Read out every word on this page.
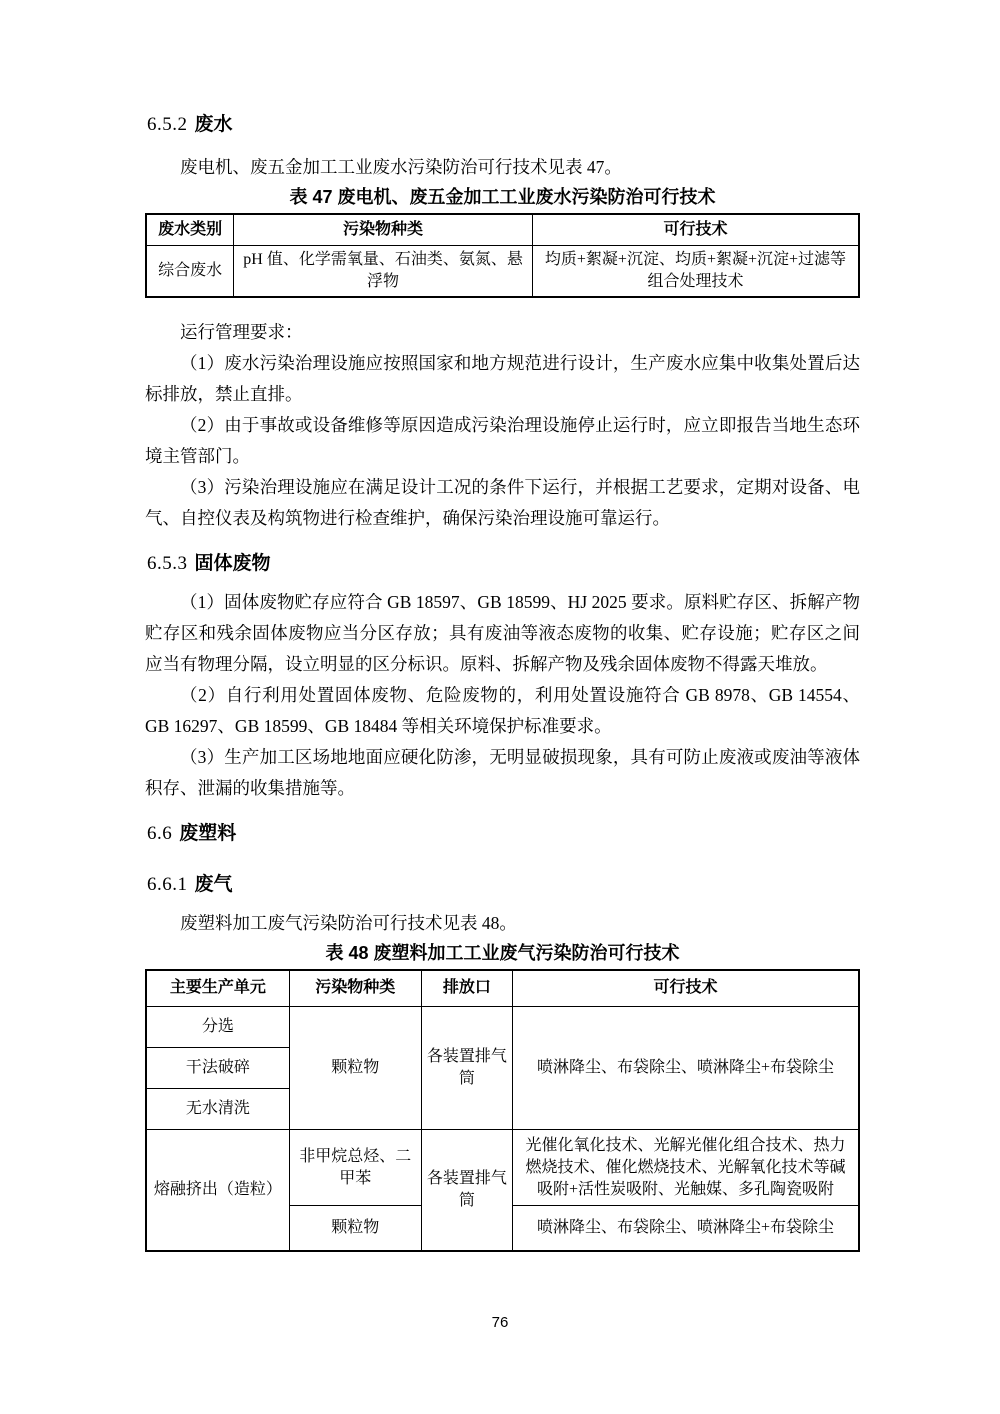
6.5.2 废水

废电机、废五金加工工业废水污染防治可行技术见表 47。

表 47 废电机、废五金加工工业废水污染防治可行技术

废水类别	污染物种类	可行技术
综合废水	pH 值、化学需氧量、石油类、氨氮、悬浮物	均质+絮凝+沉淀、均质+絮凝+沉淀+过滤等组合处理技术

运行管理要求：

（1）废水污染治理设施应按照国家和地方规范进行设计，生产废水应集中收集处置后达标排放，禁止直排。

（2）由于事故或设备维修等原因造成污染治理设施停止运行时，应立即报告当地生态环境主管部门。

（3）污染治理设施应在满足设计工况的条件下运行，并根据工艺要求，定期对设备、电气、自控仪表及构筑物进行检查维护，确保污染治理设施可靠运行。

6.5.3 固体废物

（1）固体废物贮存应符合 GB 18597、GB 18599、HJ 2025 要求。原料贮存区、拆解产物贮存区和残余固体废物应当分区存放；具有废油等液态废物的收集、贮存设施；贮存区之间应当有物理分隔，设立明显的区分标识。原料、拆解产物及残余固体废物不得露天堆放。

（2）自行利用处置固体废物、危险废物的，利用处置设施符合 GB 8978、GB 14554、GB 16297、GB 18599、GB 18484 等相关环境保护标准要求。

（3）生产加工区场地地面应硬化防渗，无明显破损现象，具有可防止废液或废油等液体积存、泄漏的收集措施等。

6.6 废塑料
6.6.1 废气

废塑料加工废气污染防治可行技术见表 48。

表 48 废塑料加工工业废气污染防治可行技术

主要生产单元	污染物种类	排放口	可行技术
分选	颗粒物	各装置排气筒	喷淋降尘、布袋除尘、喷淋降尘+布袋除尘
干法破碎			
无水清洗			
熔融挤出（造粒）	非甲烷总烃、二甲苯	各装置排气筒	光催化氧化技术、光解光催化组合技术、热力燃烧技术、催化燃烧技术、光解氧化技术等碱吸附+活性炭吸附、光触媒、多孔陶瓷吸附
	颗粒物		喷淋降尘、布袋除尘、喷淋降尘+布袋除尘
76
